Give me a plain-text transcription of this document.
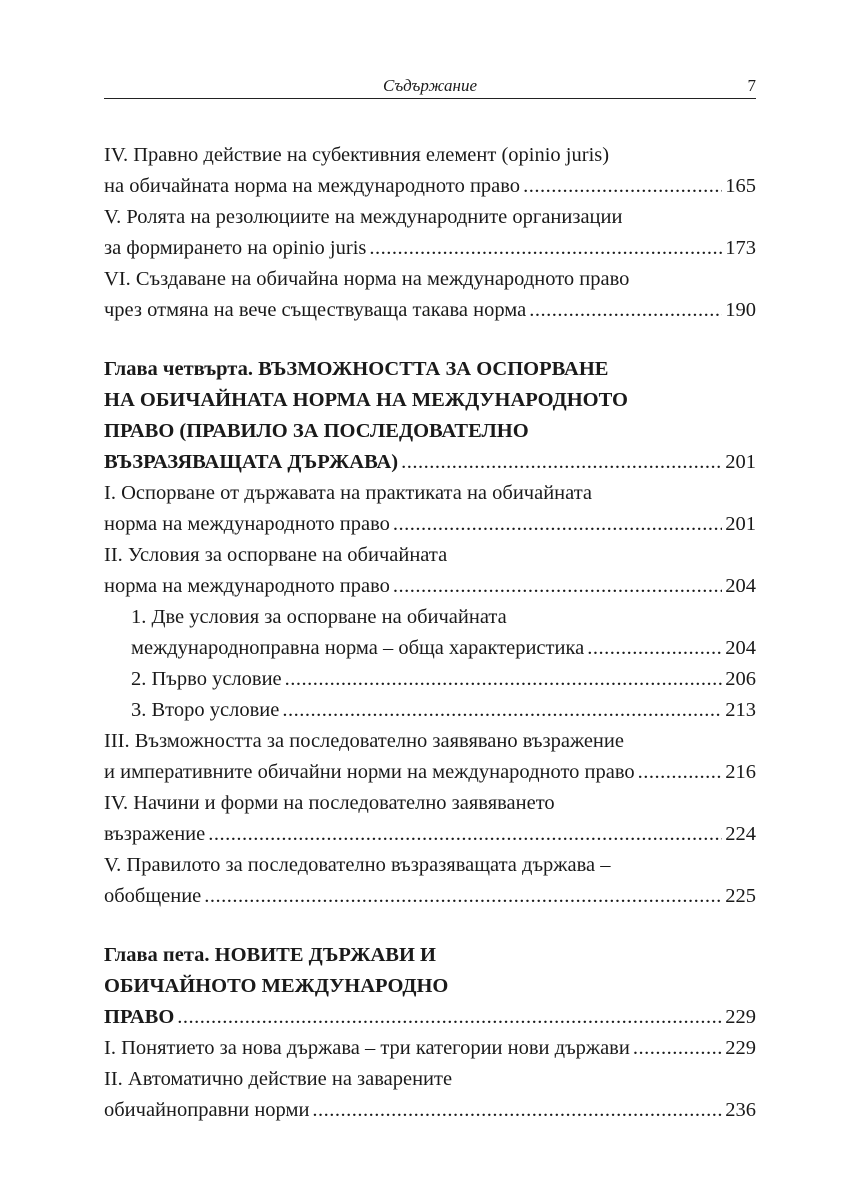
Съдържание	7
IV. Правно действие на субективния елемент (opinio juris)
на обичайната норма на международното право .....	165
V. Ролята на резолюциите на международните организации
за формирането на opinio juris .....	173
VI. Създаване на обичайна норма на международното право
чрез отмяна на вече съществуваща такава норма .....	190
Глава четвърта. ВЪЗМОЖНОСТТА ЗА ОСПОРВАНЕ
НА ОБИЧАЙНАТА НОРМА НА МЕЖДУНАРОДНОТО
ПРАВО (ПРАВИЛО ЗА ПОСЛЕДОВАТЕЛНО
ВЪЗРАЗЯВАЩАТА ДЪРЖАВА) .....	201
I. Оспорване от държавата на практиката на обичайната
норма на международното право .....	201
II. Условия за оспорване на обичайната
норма на международното право .....	204
1. Две условия за оспорване на обичайната
международноправна норма – обща характеристика .....	204
2. Първо условие .....	206
3. Второ условие .....	213
III. Възможността за последователно заявявано възражение
и императивните обичайни норми на международното право .....	216
IV. Начини и форми на последователно заявяването
възражение .....	224
V. Правилото за последователно възразяващата държава –
обобщение .....	225
Глава пета. НОВИТЕ ДЪРЖАВИ И
ОБИЧАЙНОТО МЕЖДУНАРОДНО
ПРАВО .....	229
I. Понятието за нова държава – три категории нови държави .....	229
II. Автоматично действие на заварените
обичайноправни норми .....	236
